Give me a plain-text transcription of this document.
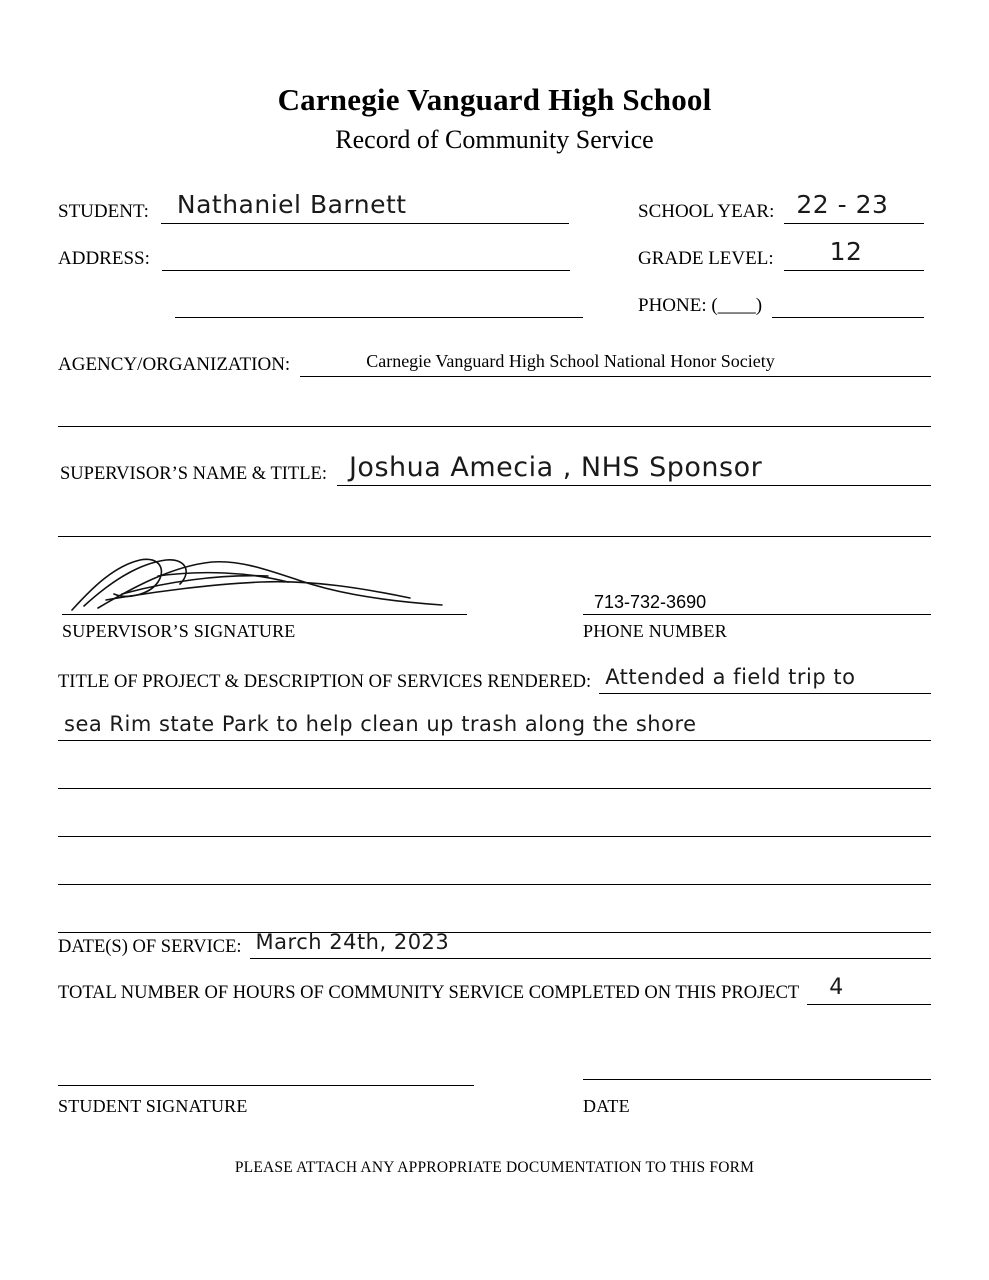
Carnegie Vanguard High School
Record of Community Service
STUDENT: Nathaniel Barnett	SCHOOL YEAR: 22 - 23
ADDRESS:	GRADE LEVEL: 12
PHONE: (____)
AGENCY/ORGANIZATION:	Carnegie Vanguard High School National Honor Society
SUPERVISOR’S NAME & TITLE: Joshua Amecia , NHS Sponsor
SUPERVISOR’S SIGNATURE
713-732-3690
PHONE NUMBER
TITLE OF PROJECT & DESCRIPTION OF SERVICES RENDERED: Attended a field trip to
sea Rim state Park to help clean up trash along the shore
DATE(S) OF SERVICE: March 24th, 2023
TOTAL NUMBER OF HOURS OF COMMUNITY SERVICE COMPLETED ON THIS PROJECT 4
STUDENT SIGNATURE	DATE
PLEASE ATTACH ANY APPROPRIATE DOCUMENTATION TO THIS FORM
